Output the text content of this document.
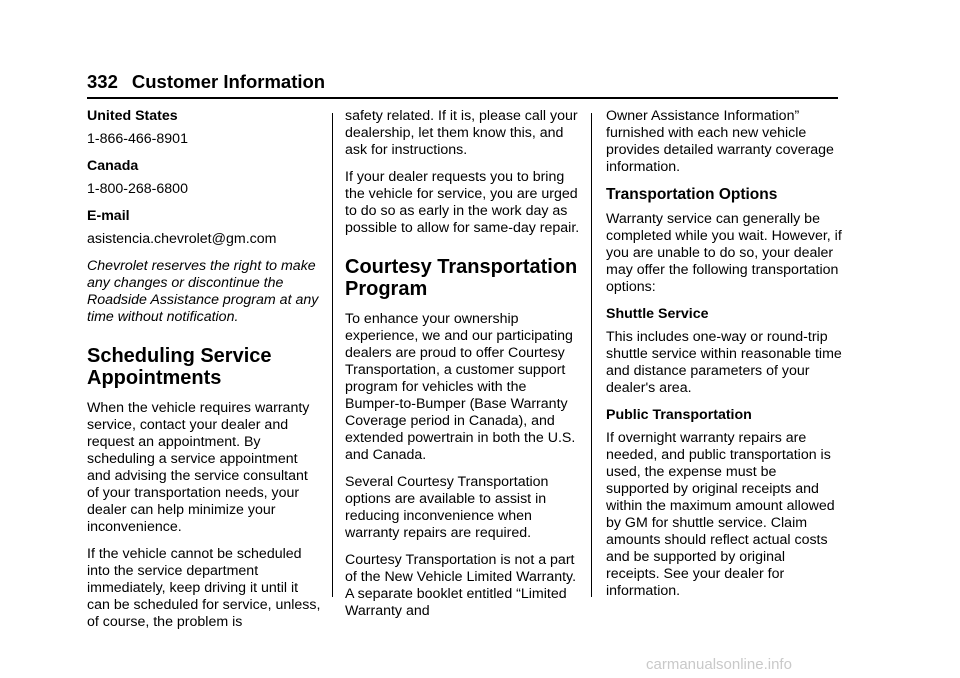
332 Customer Information

United States

1-866-466-8901

Canada

1-800-268-6800

E-mail

asistencia.chevrolet@gm.com

Chevrolet reserves the right to make any changes or discontinue the Roadside Assistance program at any time without notification.

Scheduling Service Appointments

When the vehicle requires warranty service, contact your dealer and request an appointment. By scheduling a service appointment and advising the service consultant of your transportation needs, your dealer can help minimize your inconvenience.

If the vehicle cannot be scheduled into the service department immediately, keep driving it until it can be scheduled for service, unless, of course, the problem is

safety related. If it is, please call your dealership, let them know this, and ask for instructions.

If your dealer requests you to bring the vehicle for service, you are urged to do so as early in the work day as possible to allow for same-day repair.

Courtesy Transportation Program

To enhance your ownership experience, we and our participating dealers are proud to offer Courtesy Transportation, a customer support program for vehicles with the Bumper-to-Bumper (Base Warranty Coverage period in Canada), and extended powertrain in both the U.S. and Canada.

Several Courtesy Transportation options are available to assist in reducing inconvenience when warranty repairs are required.

Courtesy Transportation is not a part of the New Vehicle Limited Warranty. A separate booklet entitled “Limited Warranty and

Owner Assistance Information” furnished with each new vehicle provides detailed warranty coverage information.

Transportation Options

Warranty service can generally be completed while you wait. However, if you are unable to do so, your dealer may offer the following transportation options:

Shuttle Service

This includes one-way or round-trip shuttle service within reasonable time and distance parameters of your dealer's area.

Public Transportation

If overnight warranty repairs are needed, and public transportation is used, the expense must be supported by original receipts and within the maximum amount allowed by GM for shuttle service. Claim amounts should reflect actual costs and be supported by original receipts. See your dealer for information.

carmanualsonline.info
